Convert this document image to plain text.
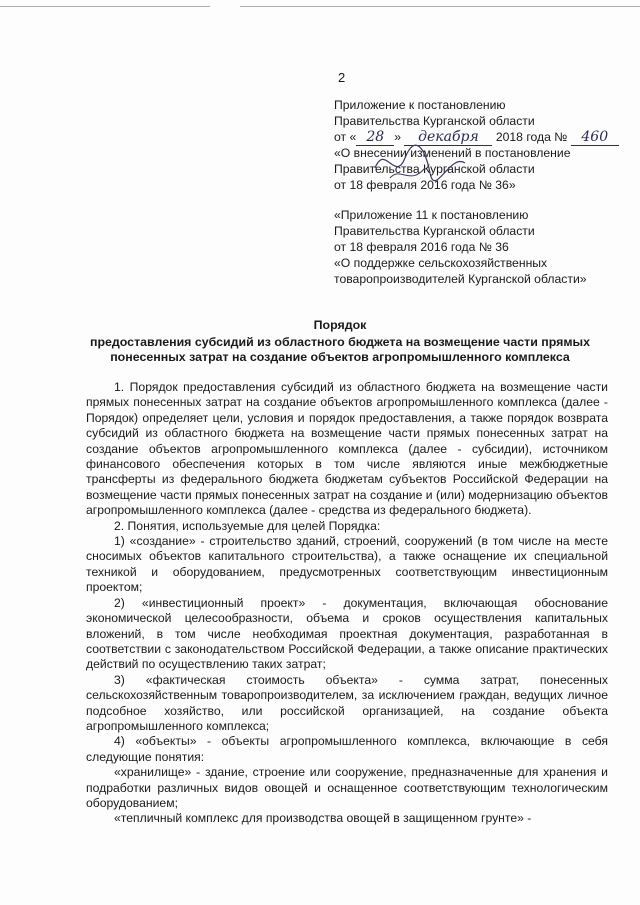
2
Приложение к постановлению
Правительства Курганской области
от « 28 » декабря 2018 года № 460
«О внесении изменений в постановление
Правительства Курганской области
от 18 февраля 2016 года № 36»
«Приложение 11 к постановлению
Правительства Курганской области
от 18 февраля 2016 года № 36
«О поддержке сельскохозяйственных
товаропроизводителей Курганской области»
Порядок
предоставления субсидий из областного бюджета на возмещение части прямых
понесенных затрат на создание объектов агропромышленного комплекса

1. Порядок предоставления субсидий из областного бюджета на возмещение части прямых понесенных затрат на создание объектов агропромышленного комплекса (далее - Порядок) определяет цели, условия и порядок предоставления, а также порядок возврата субсидий из областного бюджета на возмещение части прямых понесенных затрат на создание объектов агропромышленного комплекса (далее - субсидии), источником финансового обеспечения которых в том числе являются иные межбюджетные трансферты из федерального бюджета бюджетам субъектов Российской Федерации на возмещение части прямых понесенных затрат на создание и (или) модернизацию объектов агропромышленного комплекса (далее - средства из федерального бюджета).

2. Понятия, используемые для целей Порядка:

1) «создание» - строительство зданий, строений, сооружений (в том числе на месте сносимых объектов капитального строительства), а также оснащение их специальной техникой и оборудованием, предусмотренных соответствующим инвестиционным проектом;

2) «инвестиционный проект» - документация, включающая обоснование экономической целесообразности, объема и сроков осуществления капитальных вложений, в том числе необходимая проектная документация, разработанная в соответствии с законодательством Российской Федерации, а также описание практических действий по осуществлению таких затрат;

3) «фактическая стоимость объекта» - сумма затрат, понесенных сельскохозяйственным товаропроизводителем, за исключением граждан, ведущих личное подсобное хозяйство, или российской организацией, на создание объекта агропромышленного комплекса;

4) «объекты» - объекты агропромышленного комплекса, включающие в себя следующие понятия:

«хранилище» - здание, строение или сооружение, предназначенные для хранения и подработки различных видов овощей и оснащенное соответствующим технологическим оборудованием;

«тепличный комплекс для производства овощей в защищенном грунте» -
